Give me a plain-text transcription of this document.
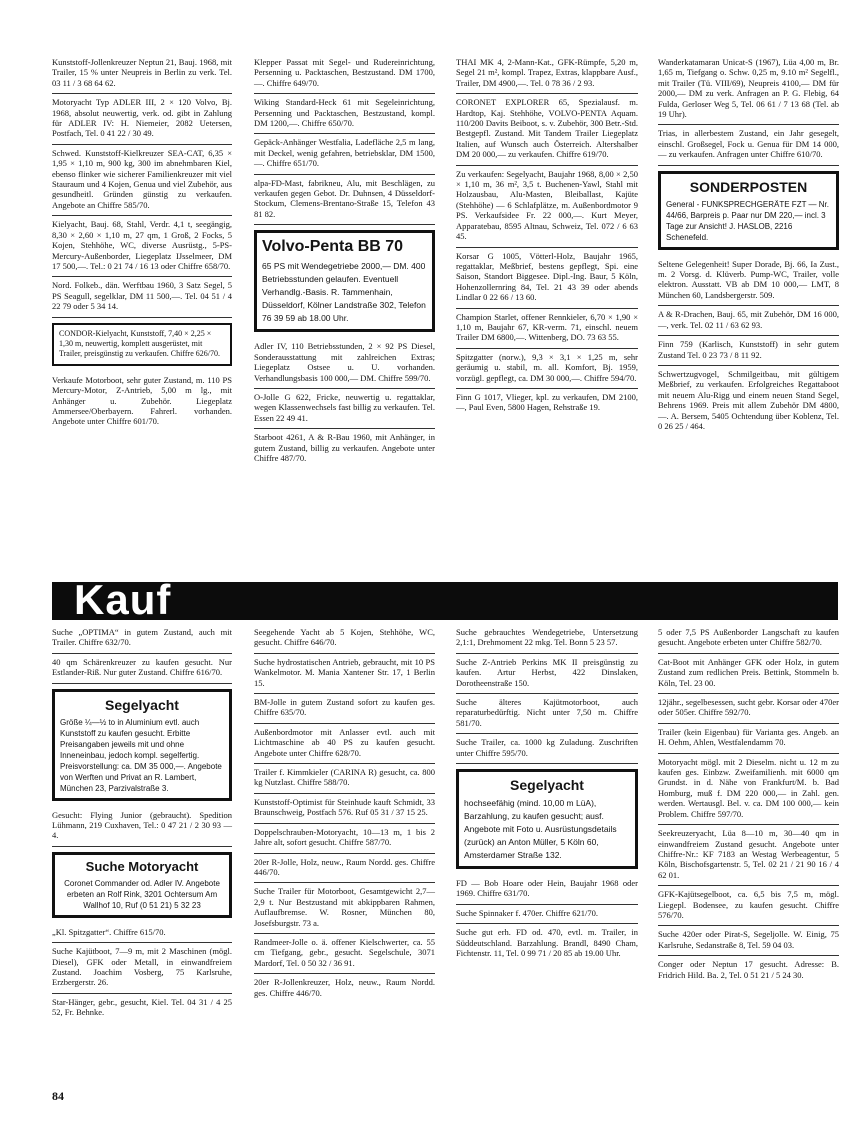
Kunststoff-Jollenkreuzer Neptun 21, Bauj. 1968, mit Trailer, 15 % unter Neupreis in Berlin zu verk. Tel. 03 11 / 3 68 64 62.

Motoryacht Typ ADLER III, 2 × 120 Volvo, Bj. 1968, absolut neuwertig, verk. od. gibt in Zahlung für ADLER IV: H. Niemeier, 2082 Uetersen, Postfach, Tel. 0 41 22 / 30 49.

Schwed. Kunststoff-Kielkreuzer SEA-CAT, 6,35 × 1,95 × 1,10 m, 900 kg, 300 im abnehmbaren Kiel, ebenso flinker wie sicherer Familienkreuzer mit viel Stauraum und 4 Kojen, Genua und viel Zubehör, aus gesundheitl. Gründen günstig zu verkaufen. Angebote an Chiffre 585/70.

Kielyacht, Bauj. 68, Stahl, Verdr. 4,1 t, seegängig, 8,30 × 2,60 × 1,10 m, 27 qm, 1 Groß, 2 Focks, 5 Kojen, Stehhöhe, WC, diverse Ausrüstg., 5-PS-Mercury-Außenborder, Liegeplatz IJsselmeer, DM 17 500,—. Tel.: 0 21 74 / 16 13 oder Chiffre 658/70.

Nord. Folkeb., dän. Werftbau 1960, 3 Satz Segel, 5 PS Seagull, segelklar, DM 11 500,—. Tel. 04 51 / 4 22 79 oder 5 34 14.

CONDOR-Kielyacht, Kunststoff, 7,40 × 2,25 × 1,30 m, neuwertig, komplett ausgerüstet, mit Trailer, preisgünstig zu verkaufen. Chiffre 626/70.

Verkaufe Motorboot, sehr guter Zustand, m. 110 PS Mercury-Motor, Z-Antrieb, 5,00 m lg., mit Anhänger u. Zubehör. Liegeplatz Ammersee/Oberbayern. Fahrerl. vorhanden. Angebote unter Chiffre 601/70.

Klepper Passat mit Segel- und Rudereinrichtung, Persenning u. Packtaschen, Bestzustand. DM 1700,—. Chiffre 649/70.

Wiking Standard-Heck 61 mit Segeleinrichtung, Persenning und Packtaschen, Bestzustand, kompl. DM 1200,—. Chiffre 650/70.

Gepäck-Anhänger Westfalia, Ladefläche 2,5 m lang, mit Deckel, wenig gefahren, betriebsklar, DM 1500,—. Chiffre 651/70.

alpa-FD-Mast, fabrikneu, Alu, mit Beschlägen, zu verkaufen gegen Gebot. Dr. Duhnsen, 4 Düsseldorf-Stockum, Clemens-Brentano-Straße 15, Telefon 43 81 82.

Volvo-Penta BB 70
65 PS mit Wendegetriebe 2000,— DM. 400 Betriebsstunden gelaufen. Eventuell Verhandlg.-Basis. R. Tammenhain, Düsseldorf, Kölner Landstraße 302, Telefon 76 39 59 ab 18.00 Uhr.

Adler IV, 110 Betriebsstunden, 2 × 92 PS Diesel, Sonderausstattung mit zahlreichen Extras; Liegeplatz Ostsee u. U. vorhanden. Verhandlungsbasis 100 000,— DM. Chiffre 599/70.

O-Jolle G 622, Fricke, neuwertig u. regattaklar, wegen Klassenwechsels fast billig zu verkaufen. Tel. Essen 22 49 41.

Starboot 4261, A & R-Bau 1960, mit Anhänger, in gutem Zustand, billig zu verkaufen. Angebote unter Chiffre 487/70.

THAI MK 4, 2-Mann-Kat., GFK-Rümpfe, 5,20 m, Segel 21 m², kompl. Trapez, Extras, klappbare Ausf., Trailer, DM 4900,—. Tel. 0 78 36 / 2 93.

CORONET EXPLORER 65, Spezialausf. m. Hardtop, Kaj. Stehhöhe, VOLVO-PENTA Aquam. 110/200 Davits Beiboot, s. v. Zubehör, 300 Betr.-Std. Bestgepfl. Zustand. Mit Tandem Trailer Liegeplatz Italien, auf Wunsch auch Österreich. Altershalber DM 20 000,— zu verkaufen. Chiffre 619/70.

Zu verkaufen: Segelyacht, Baujahr 1968, 8,00 × 2,50 × 1,10 m, 36 m², 3,5 t. Buchenen-Yawl, Stahl mit Holzausbau, Alu-Masten, Bleiballast, Kajüte (Stehhöhe) — 6 Schlafplätze, m. Außenbordmotor 9 PS. Verkaufsidee Fr. 22 000,—. Kurt Meyer, Apparatebau, 8595 Altnau, Schweiz, Tel. 072 / 6 63 45.

Korsar G 1005, Vötterl-Holz, Baujahr 1965, regattaklar, Meßbrief, bestens gepflegt, Spi. eine Saison, Standort Biggesee. Dipl.-Ing. Baur, 5 Köln, Hohenzollernring 84, Tel. 21 43 39 oder abends Lindlar 0 22 66 / 13 60.

Champion Starlet, offener Rennkieler, 6,70 × 1,90 × 1,10 m, Baujahr 67, KR-verm. 71, einschl. neuem Trailer DM 6800,—. Wittenberg, DO. 73 63 55.

Spitzgatter (norw.), 9,3 × 3,1 × 1,25 m, sehr geräumig u. stabil, m. all. Komfort, Bj. 1959, vorzügl. gepflegt, ca. DM 30 000,—. Chiffre 594/70.

Finn G 1017, Vlieger, kpl. zu verkaufen, DM 2100,—, Paul Even, 5800 Hagen, Rehstraße 19.

Wanderkatamaran Unicat-S (1967), Lüa 4,00 m, Br. 1,65 m, Tiefgang o. Schw. 0,25 m, 9.10 m² Segelfl., mit Trailer (Tü. VIII/69), Neupreis 4100,— DM für 2000,— DM zu verk. Anfragen an P. G. Flebig, 64 Fulda, Gerloser Weg 5, Tel. 06 61 / 7 13 68 (Tel. ab 19 Uhr).

Trias, in allerbestem Zustand, ein Jahr gesegelt, einschl. Großsegel, Fock u. Genua für DM 14 000,— zu verkaufen. Anfragen unter Chiffre 610/70.

SONDERPOSTEN
General - FUNKSPRECHGERÄTE FZT — Nr. 44/66, Barpreis p. Paar nur DM 220,— incl. 3 Tage zur Ansicht! J. HASLOB, 2216 Schenefeld.

Seltene Gelegenheit! Super Dorade, Bj. 66, Ia Zust., m. 2 Vorsg. d. Klüverb. Pump-WC, Trailer, volle elektron. Ausstatt. VB ab DM 10 000,— LMT, 8 München 60, Landsbergerstr. 509.

A & R-Drachen, Bauj. 65, mit Zubehör, DM 16 000,—, verk. Tel. 02 11 / 63 62 93.

Finn 759 (Karlisch, Kunststoff) in sehr gutem Zustand Tel. 0 23 73 / 8 11 92.

Schwertzugvogel, Schmilgeitbau, mit gültigem Meßbrief, zu verkaufen. Erfolgreiches Regattaboot mit neuem Alu-Rigg und einem neuen Stand Segel, Behrens 1969. Preis mit allem Zubehör DM 4800,—. A. Bersem, 5405 Ochtendung über Koblenz, Tel. 0 26 25 / 464.

Kauf

Suche „OPTIMA“ in gutem Zustand, auch mit Trailer. Chiffre 632/70.

40 qm Schärenkreuzer zu kaufen gesucht. Nur Estlander-Riß. Nur guter Zustand. Chiffre 616/70.

Segelyacht
Größe ¼—½ to in Aluminium evtl. auch Kunststoff zu kaufen gesucht. Erbitte Preisangaben jeweils mit und ohne Inneneinbau, jedoch kompl. segelfertig. Preisvorstellung: ca. DM 35 000,—. Angebote von Werften und Privat an R. Lambert, München 23, Parzivalstraße 3.

Gesucht: Flying Junior (gebraucht). Spedition Lühmann, 219 Cuxhaven, Tel.: 0 47 21 / 2 30 93 — 4.

Suche Motoryacht
Coronet Commander od. Adler IV. Angebote erbeten an Rolf Rink, 3201 Ochtersum Am Wallhof 10, Ruf (0 51 21) 5 32 23

„Kl. Spitzgatter“. Chiffre 615/70.

Suche Kajütboot, 7—9 m, mit 2 Maschinen (mögl. Diesel), GFK oder Metall, in einwandfreiem Zustand. Joachim Vosberg, 75 Karlsruhe, Erzbergerstr. 26.

Star-Hänger, gebr., gesucht, Kiel. Tel. 04 31 / 4 25 52, Fr. Behnke.

Seegehende Yacht ab 5 Kojen, Stehhöhe, WC, gesucht. Chiffre 646/70.

Suche hydrostatischen Antrieb, gebraucht, mit 10 PS Wankelmotor. M. Mania Xantener Str. 17, 1 Berlin 15.

BM-Jolle in gutem Zustand sofort zu kaufen ges. Chiffre 635/70.

Außenbordmotor mit Anlasser evtl. auch mit Lichtmaschine ab 40 PS zu kaufen gesucht. Angebote unter Chiffre 628/70.

Trailer f. Kimmkieler (CARINA R) gesucht, ca. 800 kg Nutzlast. Chiffre 588/70.

Kunststoff-Optimist für Steinhude kauft Schmidt, 33 Braunschweig, Postfach 576. Ruf 05 31 / 37 15 25.

Doppelschrauben-Motoryacht, 10—13 m, 1 bis 2 Jahre alt, sofort gesucht. Chiffre 587/70.

20er R-Jolle, Holz, neuw., Raum Nordd. ges. Chiffre 446/70.

Suche Trailer für Motorboot, Gesamtgewicht 2,7—2,9 t. Nur Bestzustand mit abkippbaren Rahmen, Auflaufbremse. W. Rosner, München 80, Josefsburgstr. 73 a.

Randmeer-Jolle o. ä. offener Kielschwerter, ca. 55 cm Tiefgang, gebr., gesucht. Segelschule, 3071 Mardorf, Tel. 0 50 32 / 36 91.

20er R-Jollenkreuzer, Holz, neuw., Raum Nordd. ges. Chiffre 446/70.

Suche gebrauchtes Wendegetriebe, Untersetzung 2,1:1, Drehmoment 22 mkg. Tel. Bonn 5 23 57.

Suche Z-Antrieb Perkins MK II preisgünstig zu kaufen. Artur Herbst, 422 Dinslaken, Dorotheenstraße 150.

Suche älteres Kajütmotorboot, auch reparaturbedürftig. Nicht unter 7,50 m. Chiffre 581/70.

Suche Trailer, ca. 1000 kg Zuladung. Zuschriften unter Chiffre 595/70.

Segelyacht
hochseefähig (mind. 10,00 m LüA), Barzahlung, zu kaufen gesucht; ausf. Angebote mit Foto u. Ausrüstungsdetails (zurück) an Anton Müller, 5 Köln 60, Amsterdamer Straße 132.

FD — Bob Hoare oder Hein, Baujahr 1968 oder 1969. Chiffre 631/70.

Suche Spinnaker f. 470er. Chiffre 621/70.

Suche gut erh. FD od. 470, evtl. m. Trailer, in Süddeutschland. Barzahlung. Brandl, 8490 Cham, Fichtenstr. 11, Tel. 0 99 71 / 20 85 ab 19.00 Uhr.

5 oder 7,5 PS Außenborder Langschaft zu kaufen gesucht. Angebote erbeten unter Chiffre 582/70.

Cat-Boot mit Anhänger GFK oder Holz, in gutem Zustand zum redlichen Preis. Bettink, Stommeln b. Köln, Tel. 23 00.

12jähr., segelbesessen, sucht gebr. Korsar oder 470er oder 505er. Chiffre 592/70.

Trailer (kein Eigenbau) für Varianta ges. Angeb. an H. Oehm, Ahlen, Westfalendamm 70.

Motoryacht mögl. mit 2 Dieselm. nicht u. 12 m zu kaufen ges. Einbzw. Zweifamilienh. mit 6000 qm Grundst. in d. Nähe von Frankfurt/M. b. Bad Homburg, muß f. DM 220 000,— in Zahl. gen. werden. Wertausgl. Bel. v. ca. DM 100 000,— kein Problem. Chiffre 597/70.

Seekreuzeryacht, Lüa 8—10 m, 30—40 qm in einwandfreiem Zustand gesucht. Angebote unter Chiffre-Nr.: KF 7183 an Westag Werbeagentur, 5 Köln, Bischofsgartenstr. 5, Tel. 02 21 / 21 90 16 / 4 62 01.

GFK-Kajütsegelboot, ca. 6,5 bis 7,5 m, mögl. Liegepl. Bodensee, zu kaufen gesucht. Chiffre 576/70.

Suche 420er oder Pirat-S, Segeljolle. W. Einig, 75 Karlsruhe, Sedanstraße 8, Tel. 59 04 03.

Conger oder Neptun 17 gesucht. Adresse: B. Fridrich Hild. Ba. 2, Tel. 0 51 21 / 5 24 30.

84
